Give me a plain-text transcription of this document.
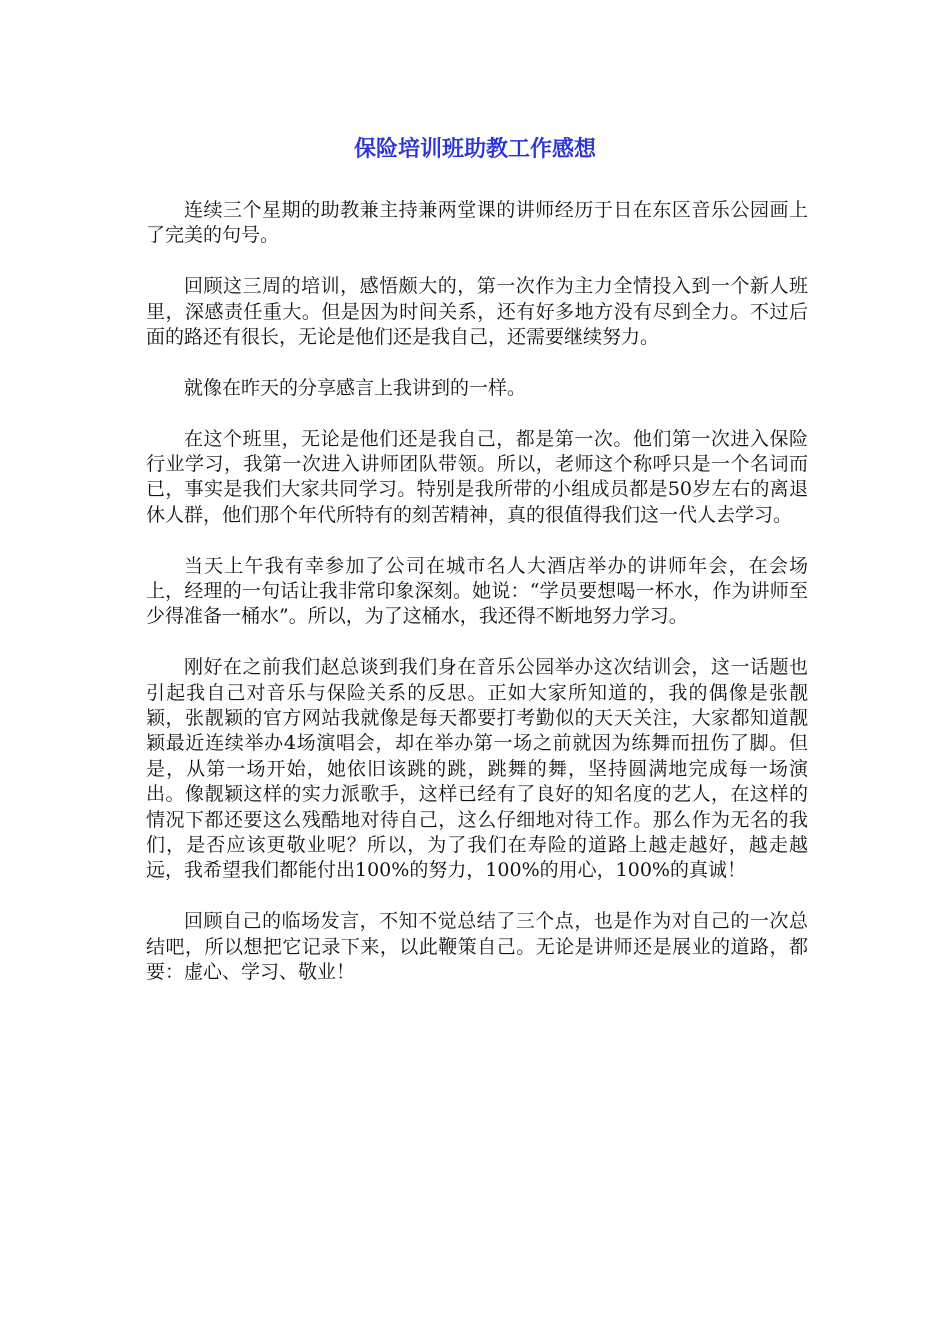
保险培训班助教工作感想

连续三个星期的助教兼主持兼两堂课的讲师经历于日在东区音乐公园画上了完美的句号。

回顾这三周的培训，感悟颇大的，第一次作为主力全情投入到一个新人班里，深感责任重大。但是因为时间关系，还有好多地方没有尽到全力。不过后面的路还有很长，无论是他们还是我自己，还需要继续努力。

就像在昨天的分享感言上我讲到的一样。

在这个班里，无论是他们还是我自己，都是第一次。他们第一次进入保险行业学习，我第一次进入讲师团队带领。所以，老师这个称呼只是一个名词而已，事实是我们大家共同学习。特别是我所带的小组成员都是50岁左右的离退休人群，他们那个年代所特有的刻苦精神，真的很值得我们这一代人去学习。

当天上午我有幸参加了公司在城市名人大酒店举办的讲师年会，在会场上，经理的一句话让我非常印象深刻。她说：“学员要想喝一杯水，作为讲师至少得准备一桶水”。所以，为了这桶水，我还得不断地努力学习。

刚好在之前我们赵总谈到我们身在音乐公园举办这次结训会，这一话题也引起我自己对音乐与保险关系的反思。正如大家所知道的，我的偶像是张靓颖，张靓颖的官方网站我就像是每天都要打考勤似的天天关注，大家都知道靓颖最近连续举办4场演唱会，却在举办第一场之前就因为练舞而扭伤了脚。但是，从第一场开始，她依旧该跳的跳，跳舞的舞，坚持圆满地完成每一场演出。像靓颖这样的实力派歌手，这样已经有了良好的知名度的艺人，在这样的情况下都还要这么残酷地对待自己，这么仔细地对待工作。那么作为无名的我们，是否应该更敬业呢？所以，为了我们在寿险的道路上越走越好，越走越远，我希望我们都能付出100%的努力，100%的用心，100%的真诚！

回顾自己的临场发言，不知不觉总结了三个点，也是作为对自己的一次总结吧，所以想把它记录下来，以此鞭策自己。无论是讲师还是展业的道路，都要：虚心、学习、敬业！
